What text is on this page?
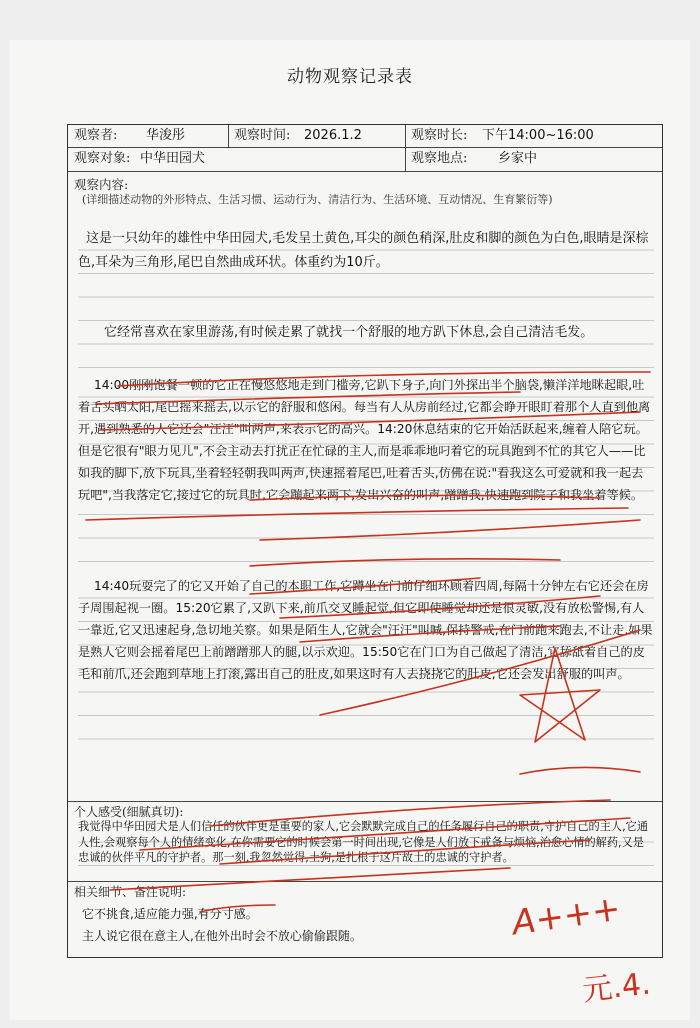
动物观察记录表
观察者:	华浚彤	观察时间:	2026.1.2	观察时长:	下午14:00~16:00
观察对象: 中华田园犬	观察地点:	乡家中
观察内容:
(详细描述动物的外形特点、生活习惯、运动行为、清洁行为、生活环境、互动情况、生育繁衍等)

这是一只幼年的雄性中华田园犬,毛发呈土黄色,耳尖的颜色稍深,肚皮和脚的颜色为白色,眼睛是深棕色,耳朵为三角形,尾巴自然曲成环状。体重约为10斤。

它经常喜欢在家里游荡,有时候走累了就找一个舒服的地方趴下休息,会自己清洁毛发。

14:00刚刚饱餐一顿的它正在慢悠悠地走到门槛旁,它趴下身子,向门外探出半个脑袋,懒洋洋地眯起眼,吐着舌头晒太阳,尾巴摇来摇去,以示它的舒服和悠闲。每当有人从房前经过,它都会睁开眼盯着那个人直到他离开,遇到熟悉的人它还会"汪汪"叫两声,来表示它的高兴。14:20休息结束的它开始活跃起来,缠着人陪它玩。但是它很有"眼力见儿",不会主动去打扰正在忙碌的主人,而是乖乖地叼着它的玩具跑到不忙的其它人——比如我的脚下,放下玩具,坐着轻轻朝我叫两声,快速摇着尾巴,吐着舌头,仿佛在说:"看我这么可爱就和我一起去玩吧",当我落定它,接过它的玩具时,它会蹦起来两下,发出兴奋的叫声,蹭蹭我,快速跑到院子和我坐着等候。

14:40玩耍完了的它又开始了自己的本职工作,它蹲坐在门前仔细环顾着四周,每隔十分钟左右它还会在房子周围起视一圈。15:20它累了,又趴下来,前爪交叉睡起觉,但它即使睡觉却还是很灵敏,没有放松警惕,有人一靠近,它又迅速起身,急切地关察。如果是陌生人,它就会"汪汪"叫喊,保持警戒,在门前跑来跑去,不让走,如果是熟人它则会摇着尾巴上前蹭蹭那人的腿,以示欢迎。15:50它在门口为自己做起了清洁,它舔舐着自己的皮毛和前爪,还会跑到草地上打滚,露出自己的肚皮,如果这时有人去挠挠它的肚皮,它还会发出舒服的叫声。

个人感受(细腻真切):

我觉得中华田园犬是人们信任的伙伴更是重要的家人,它会默默完成自己的任务履行自己的职责,守护自己的主人,它通人性,会观察每个人的情绪变化,在你需要它的时候会第一时间出现,它像是人们放下戒备与烦恼,治愈心情的解药,又是忠诚的伙伴平凡的守护者。那一刻,我忽然觉得,土狗,是扎根于这片故土的忠诚的守护者。

相关细节、备注说明:

它不挑食,适应能力强,有分寸感。

主人说它很在意主人,在他外出时会不放心偷偷跟随。	A+++
元.4.
